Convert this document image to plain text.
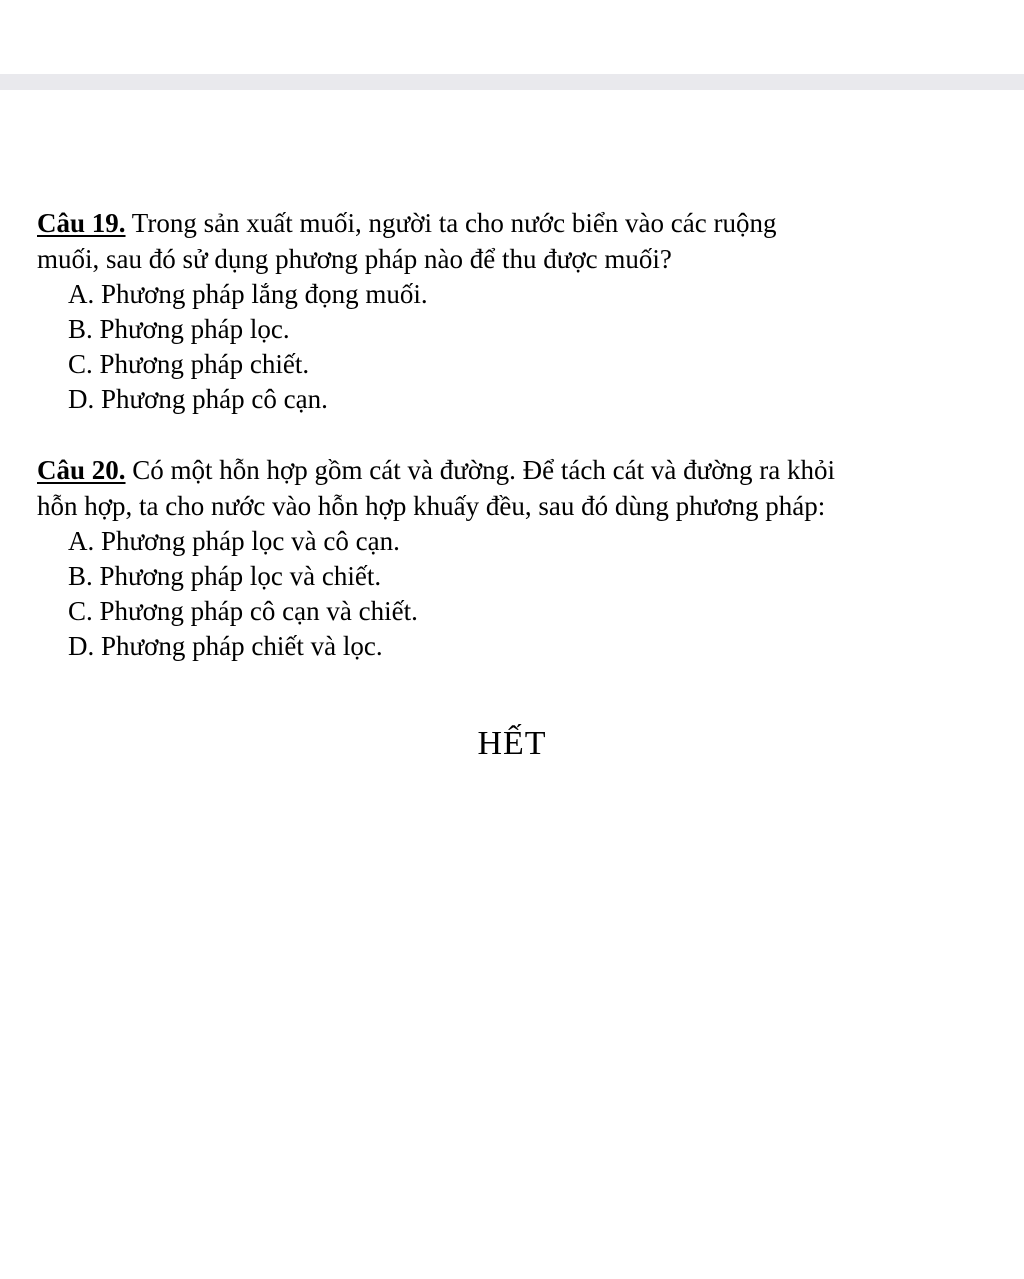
Câu 19. Trong sản xuất muối, người ta cho nước biển vào các ruộng
muối, sau đó sử dụng phương pháp nào để thu được muối?

A. Phương pháp lắng đọng muối.
B. Phương pháp lọc.
C. Phương pháp chiết.
D. Phương pháp cô cạn.

Câu 20. Có một hỗn hợp gồm cát và đường. Để tách cát và đường ra khỏi
hỗn hợp, ta cho nước vào hỗn hợp khuấy đều, sau đó dùng phương pháp:

A. Phương pháp lọc và cô cạn.
B. Phương pháp lọc và chiết.
C. Phương pháp cô cạn và chiết.
D. Phương pháp chiết và lọc.
HẾT
